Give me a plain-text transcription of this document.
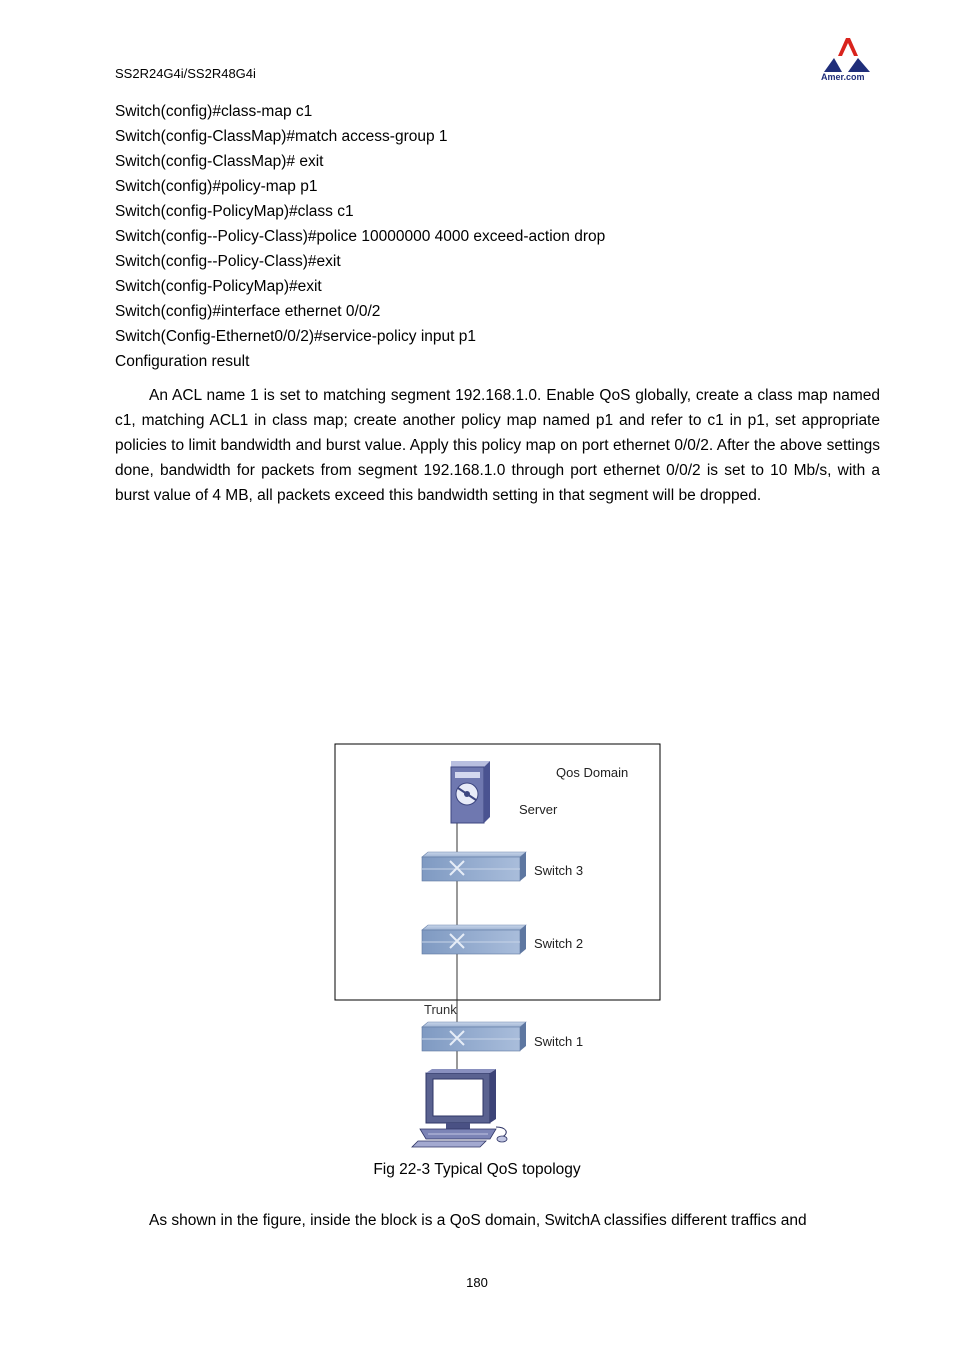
SS2R24G4i/SS2R48G4i	Amer.com
Switch(config)#class-map c1
Switch(config-ClassMap)#match access-group 1
Switch(config-ClassMap)# exit
Switch(config)#policy-map p1
Switch(config-PolicyMap)#class c1
Switch(config--Policy-Class)#police 10000000 4000 exceed-action drop
Switch(config--Policy-Class)#exit
Switch(config-PolicyMap)#exit
Switch(config)#interface ethernet 0/0/2
Switch(Config-Ethernet0/0/2)#service-policy input p1
Configuration result

An ACL name 1 is set to matching segment 192.168.1.0. Enable QoS globally, create a class map named c1, matching ACL1 in class map; create another policy map named p1 and refer to c1 in p1, set appropriate policies to limit bandwidth and burst value. Apply this policy map on port ethernet 0/0/2. After the above settings done, bandwidth for packets from segment 192.168.1.0 through port ethernet 0/0/2 is set to 10 Mb/s, with a burst value of 4 MB, all packets exceed this bandwidth setting in that segment will be dropped.

Qos Domain
Server
Switch 3
Switch 2
Trunk
Switch 1
Fig 22-3 Typical QoS topology

As shown in the figure, inside the block is a QoS domain, SwitchA classifies different traffics and

180
